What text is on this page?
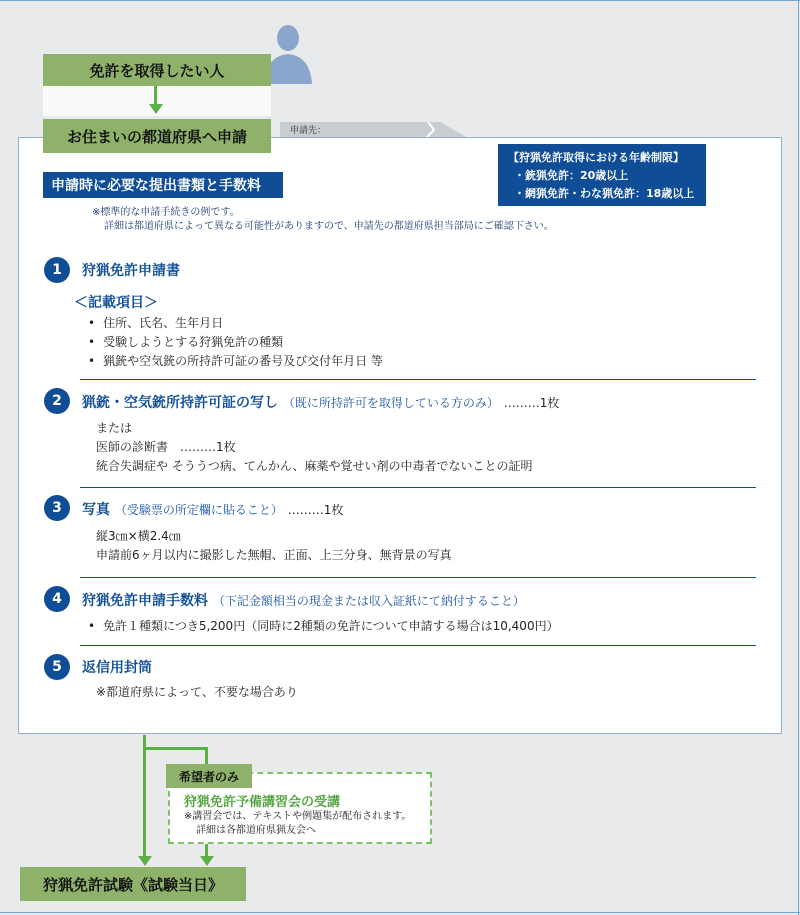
免許を取得したい人
申請先：
お住まいの都道府県へ申請
申請時に必要な提出書類と手数料
【狩猟免許取得における年齢制限】
・銃猟免許：20歳以上
・網猟免許・わな猟免許：18歳以上
※標準的な申請手続きの例です。
詳細は都道府県によって異なる可能性がありますので、申請先の都道府県担当部局にご確認下さい。
1	狩猟免許申請書
＜記載項目＞
• 住所、氏名、生年月日
• 受験しようとする狩猟免許の種類
• 猟銃や空気銃の所持許可証の番号及び交付年月日 等
2	猟銃・空気銃所持許可証の写し （既に所持許可を取得している方のみ） ………1枚
または
医師の診断書　………1枚
統合失調症や そううつ病、てんかん、麻薬や覚せい剤の中毒者でないことの証明
3	写真 （受験票の所定欄に貼ること） ………1枚
縦3㎝×横2.4㎝
申請前6ヶ月以内に撮影した無帽、正面、上三分身、無背景の写真
4	狩猟免許申請手数料 （下記金額相当の現金または収入証紙にて納付すること）
• 免許１種類につき5,200円（同時に2種類の免許について申請する場合は10,400円）
5	返信用封筒
※都道府県によって、不要な場合あり
希望者のみ
狩猟免許予備講習会の受講
※講習会では、テキストや例題集が配布されます。
詳細は各都道府県猟友会へ
狩猟免許試験《試験当日》
